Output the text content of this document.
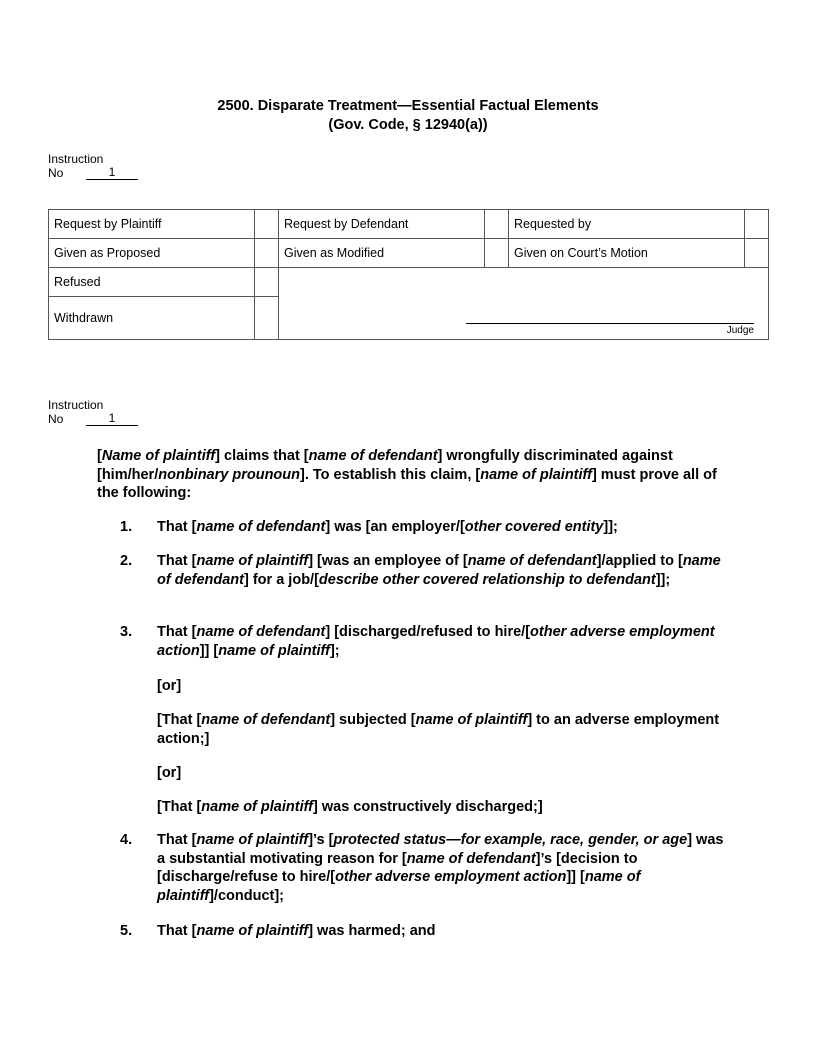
2500. Disparate Treatment—Essential Factual Elements
(Gov. Code, § 12940(a))
Instruction
No	1
Request by Plaintiff		Request by Defendant		Requested by	
Given as Proposed		Given as Modified		Given on Court’s Motion	
Refused		Judge			

Withdrawn					
Instruction
No	1
[Name of plaintiff] claims that [name of defendant] wrongfully discriminated against [him/her/nonbinary prounoun]. To establish this claim, [name of plaintiff] must prove all of the following:
1.	That [name of defendant] was [an employer/[other covered entity]];
2.	That [name of plaintiff] [was an employee of [name of defendant]/applied to [name of defendant] for a job/[describe other covered relationship to defendant]];
3.	That [name of defendant] [discharged/refused to hire/[other adverse employment action]] [name of plaintiff];
[or]
[That [name of defendant] subjected [name of plaintiff] to an adverse employment action;]
[or]
[That [name of plaintiff] was constructively discharged;]
4.	That [name of plaintiff]’s [protected status—for example, race, gender, or age] was a substantial motivating reason for [name of defendant]’s [decision to [discharge/refuse to hire/[other adverse employment action]] [name of plaintiff]/conduct];
5.	That [name of plaintiff] was harmed; and
